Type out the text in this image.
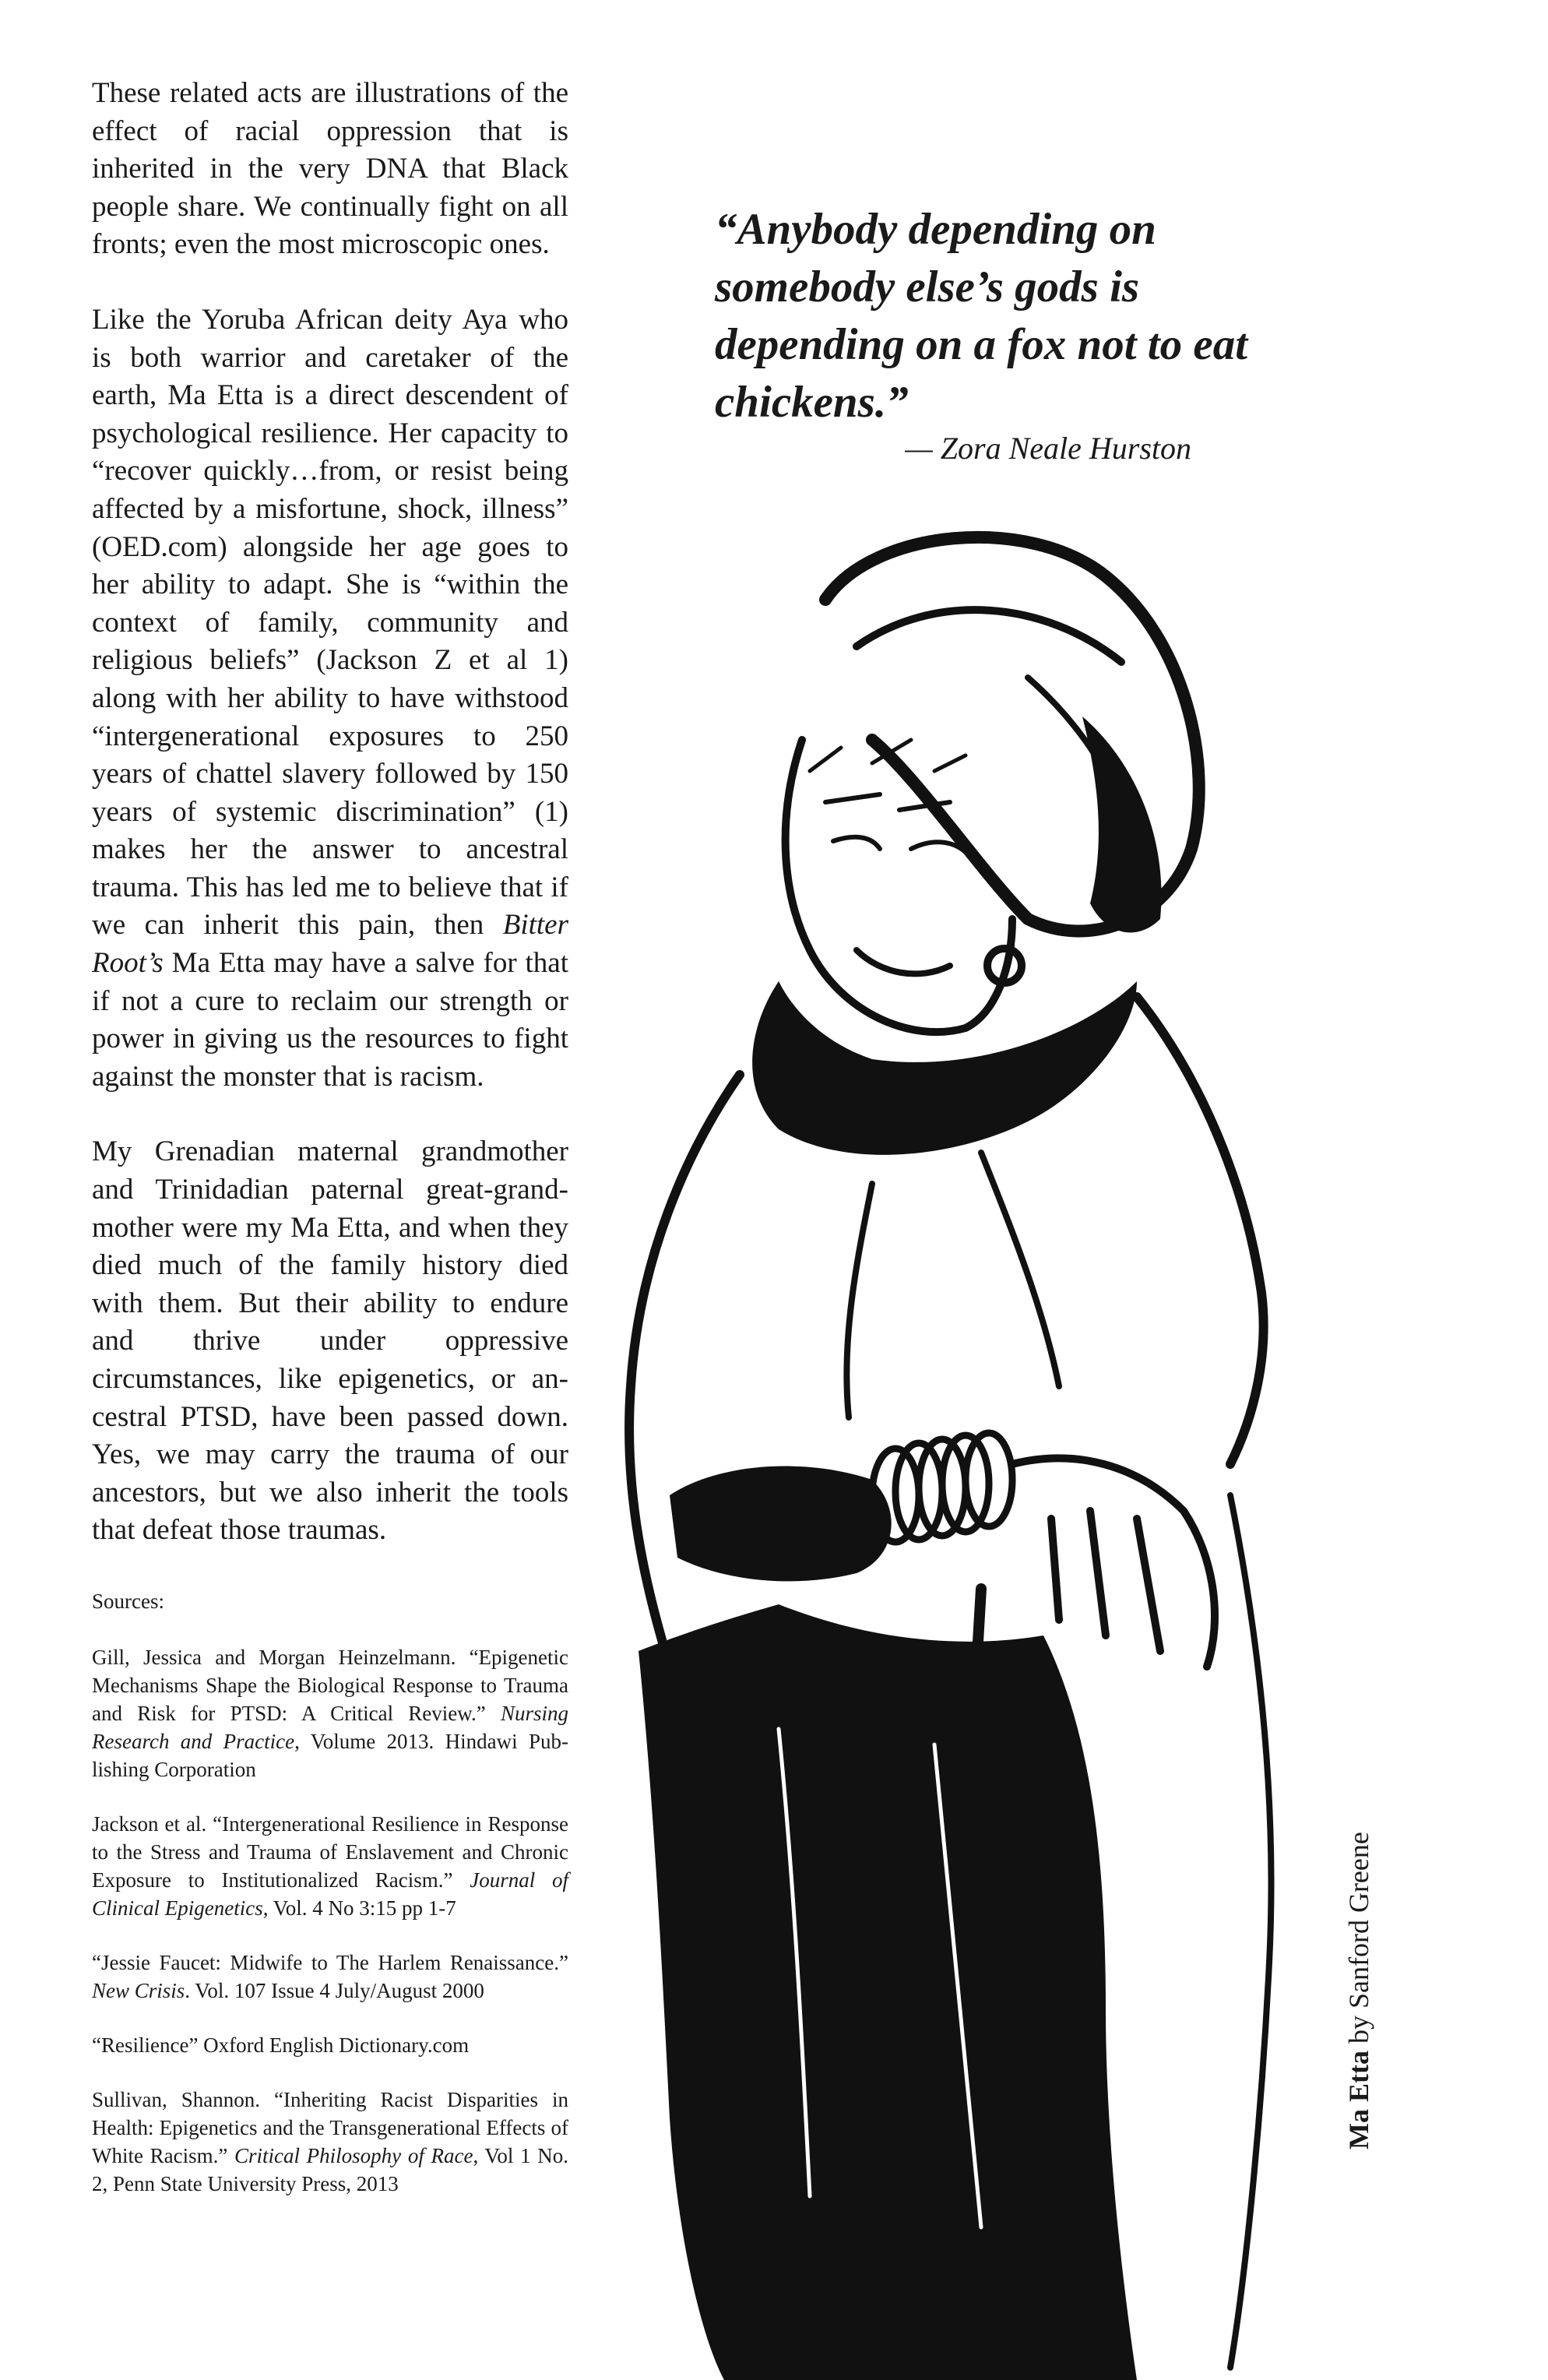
These related acts are illustrations of the effect of racial oppression that is inherited in the very DNA that Black people share. We continually fight on all fronts; even the most microscopic ones.

Like the Yoruba African deity Aya who is both warrior and caretaker of the earth, Ma Etta is a direct descendent of psychological resilience. Her capacity to “recover quickly…from, or resist being affected by a misfortune, shock, illness” (OED.com) alongside her age goes to her ability to adapt. She is “within the context of family, community and religious beliefs” (Jackson Z et al 1) along with her ability to have withstood “intergenerational exposures to 250 years of chattel slavery followed by 150 years of systemic discrimination” (1) makes her the answer to ancestral trauma. This has led me to believe that if we can inherit this pain, then Bitter Root’s Ma Etta may have a salve for that if not a cure to reclaim our strength or power in giving us the resources to fight against the monster that is racism.

My Grenadian maternal grandmother and Trinidadian paternal great-grandmother were my Ma Etta, and when they died much of the family history died with them. But their ability to endure and thrive under oppressive circumstances, like epigenetics, or ancestral PTSD, have been passed down. Yes, we may carry the trauma of our ancestors, but we also inherit the tools that defeat those traumas.

Sources:

Gill, Jessica and Morgan Heinzelmann. “Epigenetic Mechanisms Shape the Biological Response to Trauma and Risk for PTSD: A Critical Review.” Nursing Research and Practice, Volume 2013. Hindawi Publishing Corporation

Jackson et al. “Intergenerational Resilience in Response to the Stress and Trauma of Enslavement and Chronic Exposure to Institutionalized Racism.” Journal of Clinical Epigenetics, Vol. 4 No 3:15 pp 1-7

“Jessie Faucet: Midwife to The Harlem Renaissance.” New Crisis. Vol. 107 Issue 4 July/August 2000

“Resilience” Oxford English Dictionary.com

Sullivan, Shannon. “Inheriting Racist Disparities in Health: Epigenetics and the Transgenerational Effects of White Racism.” Critical Philosophy of Race, Vol 1 No. 2, Penn State University Press, 2013

“Anybody depending on somebody else’s gods is depending on a fox not to eat chickens.”

— Zora Neale Hurston
Ma Etta by Sanford Greene
